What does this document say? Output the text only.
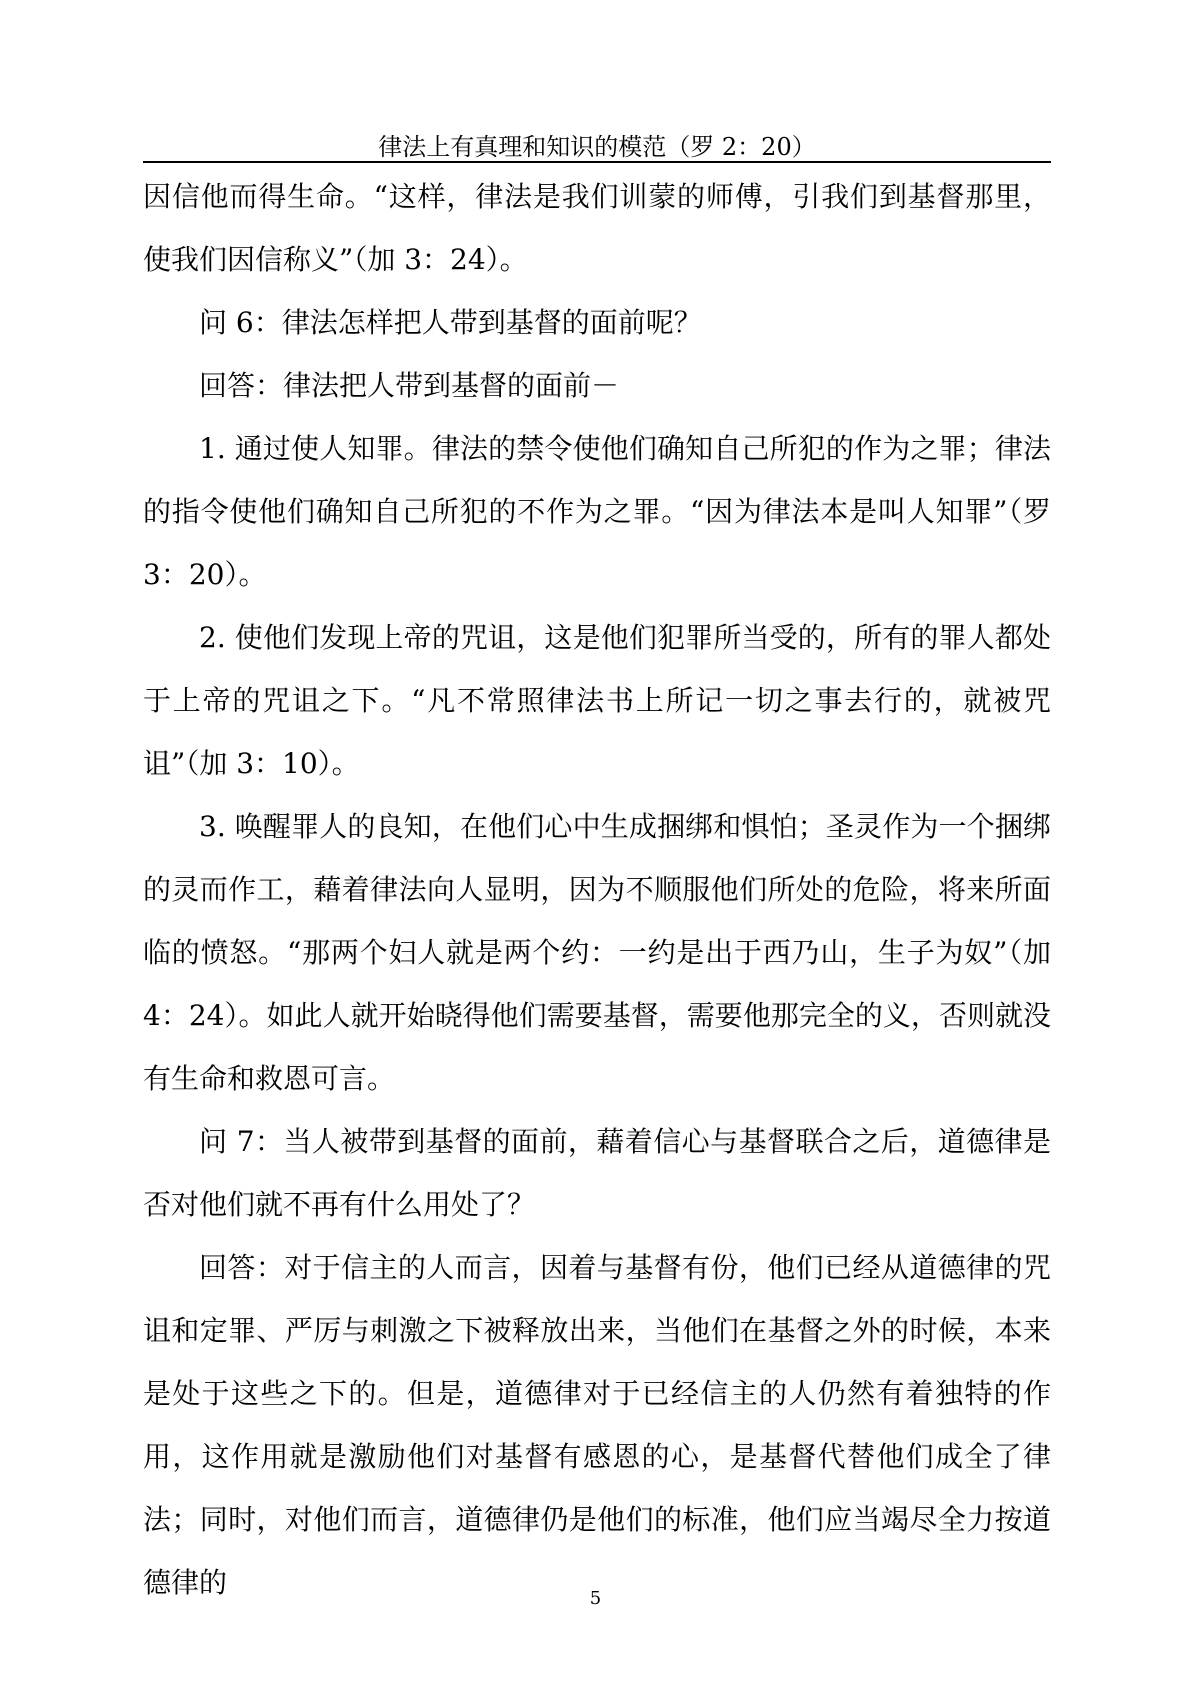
律法上有真理和知识的模范（罗 2：20）

因信他而得生命。“这样，律法是我们训蒙的师傅，引我们到基督那里，使我们因信称义”（加 3：24）。

问 6：律法怎样把人带到基督的面前呢？

回答：律法把人带到基督的面前－

1. 通过使人知罪。律法的禁令使他们确知自己所犯的作为之罪；律法的指令使他们确知自己所犯的不作为之罪。“因为律法本是叫人知罪”（罗 3：20）。

2. 使他们发现上帝的咒诅，这是他们犯罪所当受的，所有的罪人都处于上帝的咒诅之下。“凡不常照律法书上所记一切之事去行的，就被咒诅”（加 3：10）。

3. 唤醒罪人的良知，在他们心中生成捆绑和惧怕；圣灵作为一个捆绑的灵而作工，藉着律法向人显明，因为不顺服他们所处的危险，将来所面临的愤怒。“那两个妇人就是两个约：一约是出于西乃山，生子为奴”（加 4：24）。如此人就开始晓得他们需要基督，需要他那完全的义，否则就没有生命和救恩可言。

问 7：当人被带到基督的面前，藉着信心与基督联合之后，道德律是否对他们就不再有什么用处了？

回答：对于信主的人而言，因着与基督有份，他们已经从道德律的咒诅和定罪、严厉与刺激之下被释放出来，当他们在基督之外的时候，本来是处于这些之下的。但是，道德律对于已经信主的人仍然有着独特的作用，这作用就是激励他们对基督有感恩的心，是基督代替他们成全了律法；同时，对他们而言，道德律仍是他们的标准，他们应当竭尽全力按道德律的	5
